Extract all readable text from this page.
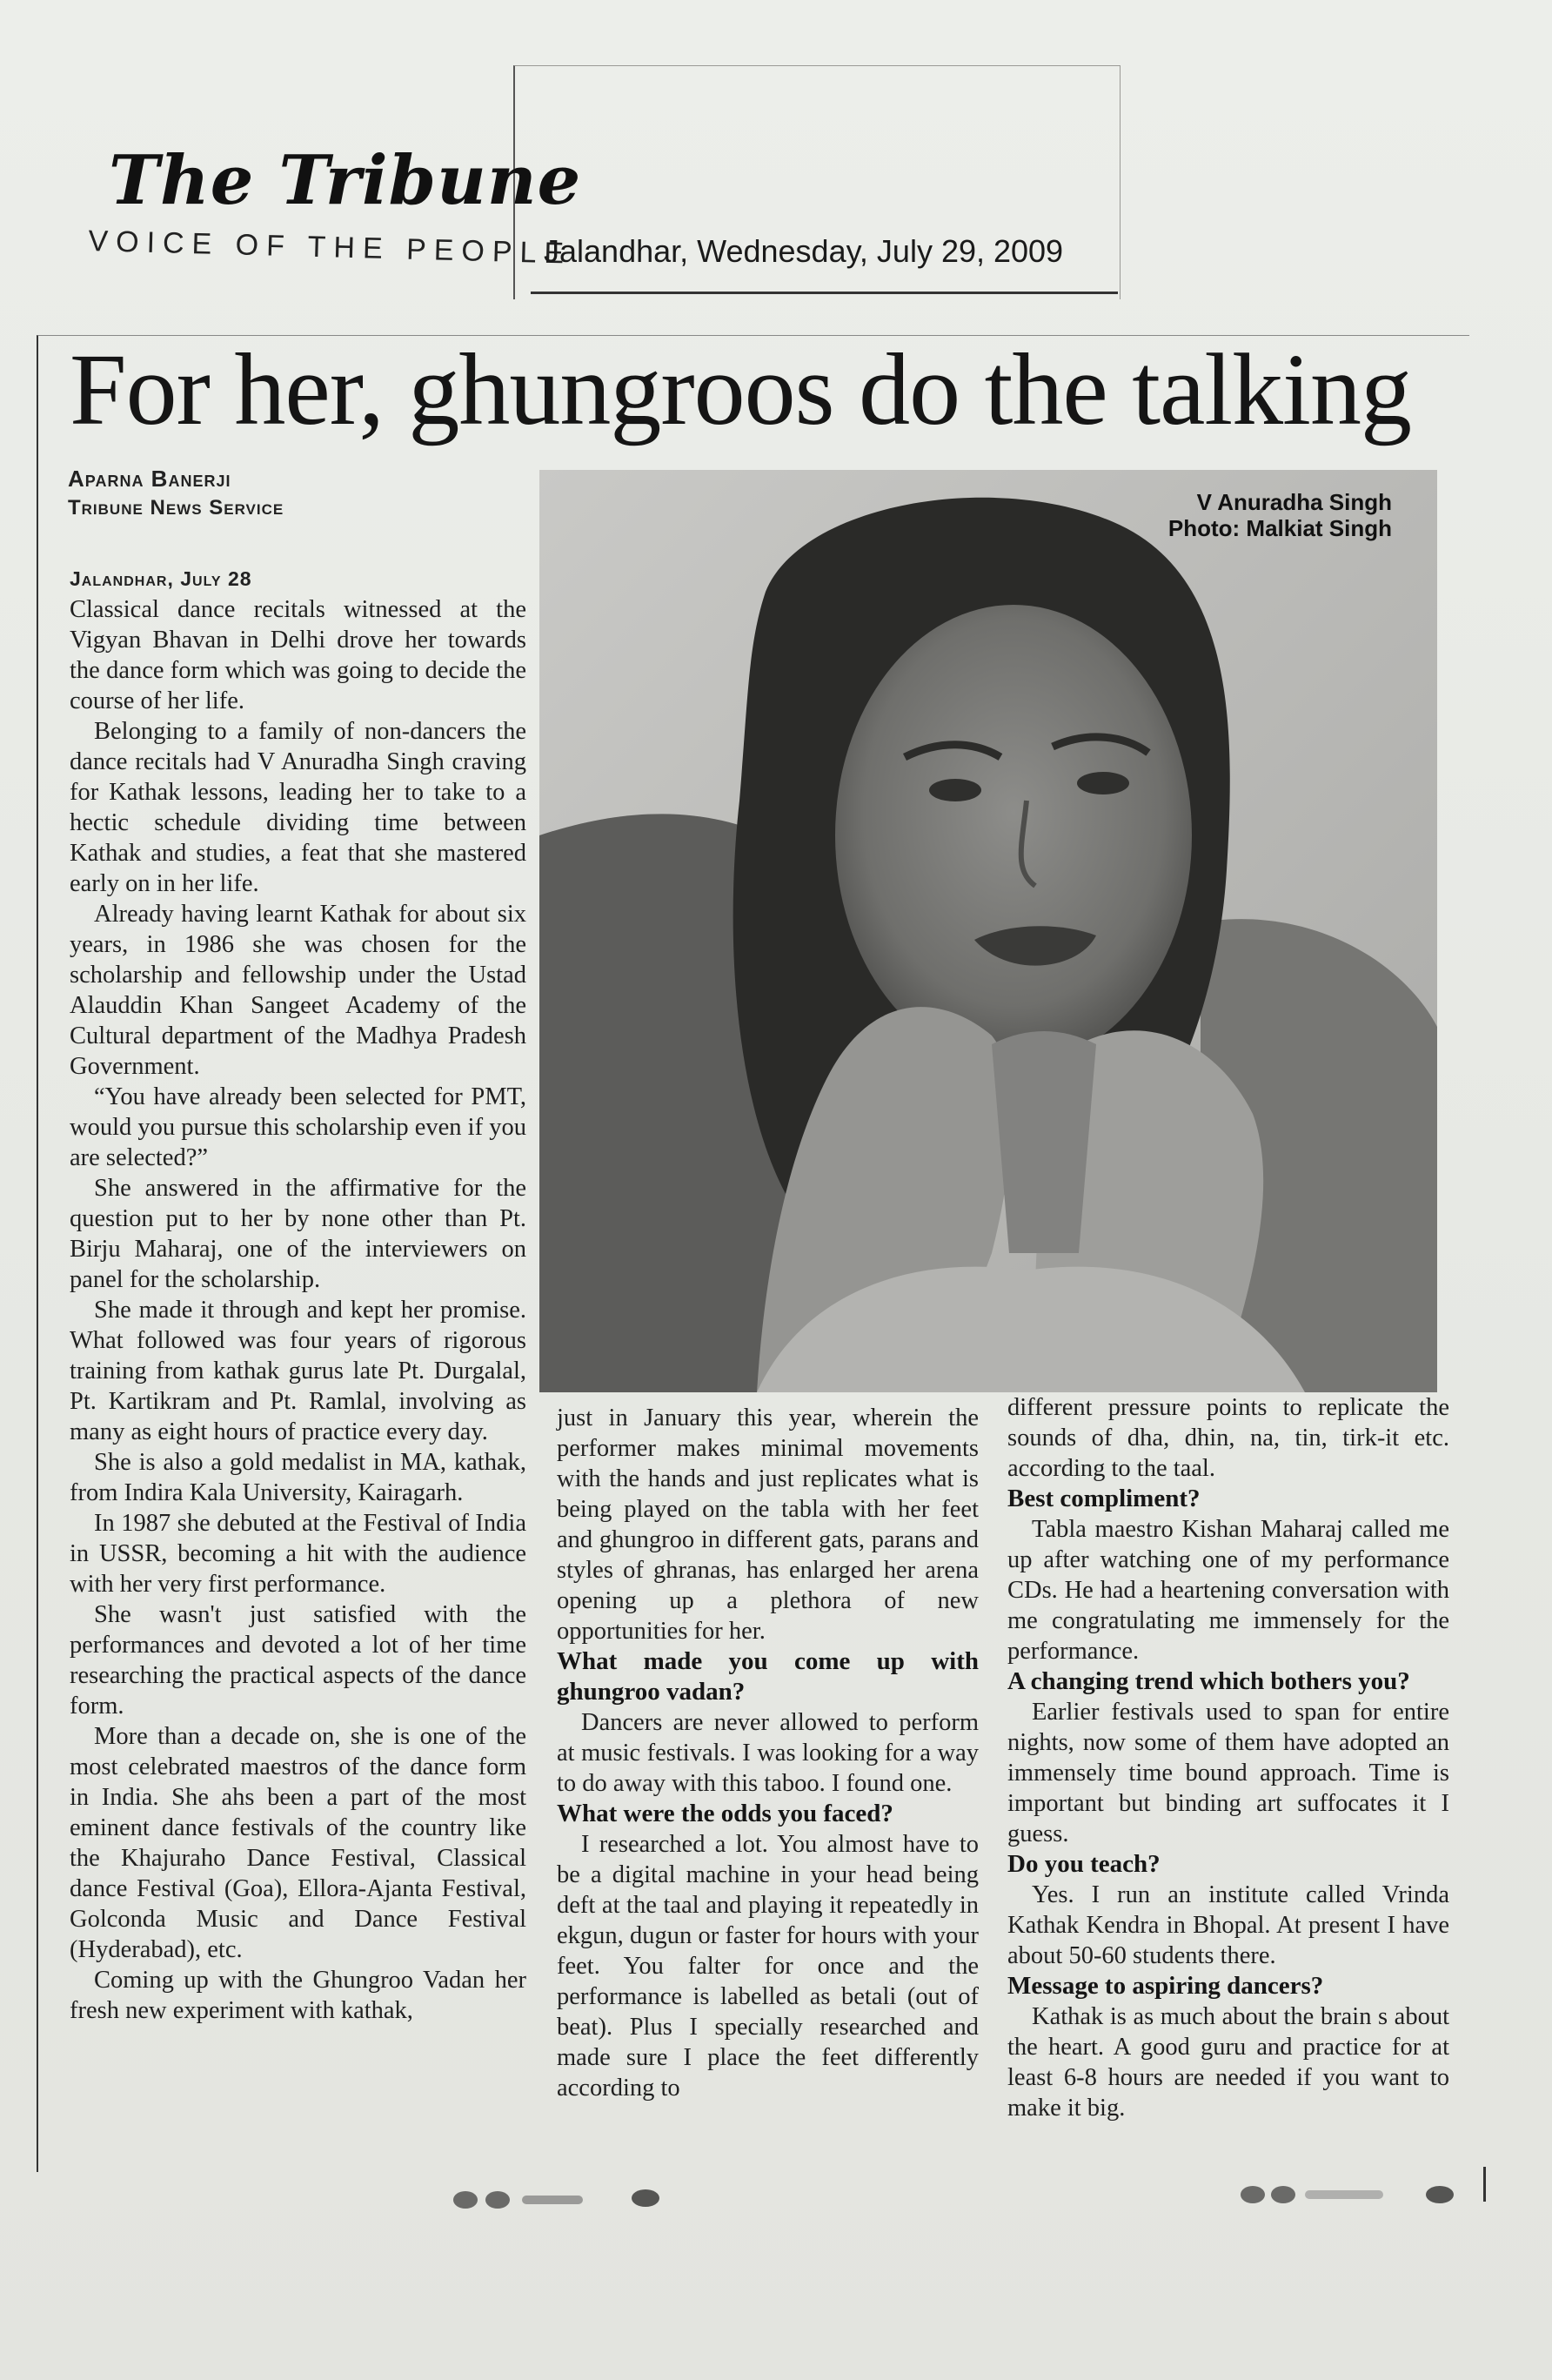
The Tribune
VOICE OF THE PEOPLE
Jalandhar, Wednesday, July 29, 2009
For her, ghungroos do the talking
Aparna Banerji
Tribune News Service
Jalandhar, July 28

Classical dance recitals witnessed at the Vigyan Bhavan in Delhi drove her towards the dance form which was going to decide the course of her life.

Belonging to a family of non-dancers the dance recitals had V Anuradha Singh craving for Kathak lessons, leading her to take to a hectic schedule dividing time between Kathak and studies, a feat that she mastered early on in her life.

Already having learnt Kathak for about six years, in 1986 she was chosen for the scholarship and fellowship under the Ustad Alauddin Khan Sangeet Academy of the Cultural department of the Madhya Pradesh Government.

“You have already been selected for PMT, would you pursue this scholarship even if you are selected?”

She answered in the affirmative for the question put to her by none other than Pt. Birju Maharaj, one of the interviewers on panel for the scholarship.

She made it through and kept her promise. What followed was four years of rigorous training from kathak gurus late Pt. Durgalal, Pt. Kartikram and Pt. Ramlal, involving as many as eight hours of practice every day.

She is also a gold medalist in MA, kathak, from Indira Kala University, Kairagarh.

In 1987 she debuted at the Festival of India in USSR, becoming a hit with the audience with her very first performance.

She wasn't just satisfied with the performances and devoted a lot of her time researching the practical aspects of the dance form.

More than a decade on, she is one of the most celebrated maestros of the dance form in India. She ahs been a part of the most eminent dance festivals of the country like the Khajuraho Dance Festival, Classical dance Festival (Goa), Ellora-Ajanta Festival, Golconda Music and Dance Festival (Hyderabad), etc.

Coming up with the Ghungroo Vadan her fresh new experiment with kathak,

V Anuradha Singh
Photo: Malkiat Singh

just in January this year, wherein the performer makes minimal movements with the hands and just replicates what is being played on the tabla with her feet and ghungroo in different gats, parans and styles of ghranas, has enlarged her arena opening up a plethora of new opportunities for her.

What made you come up with ghungroo vadan?

Dancers are never allowed to perform at music festivals. I was looking for a way to do away with this taboo. I found one.

What were the odds you faced?

I researched a lot. You almost have to be a digital machine in your head being deft at the taal and playing it repeatedly in ekgun, dugun or faster for hours with your feet. You falter for once and the performance is labelled as betali (out of beat). Plus I specially researched and made sure I place the feet differently according to

different pressure points to replicate the sounds of dha, dhin, na, tin, tirk-it etc. according to the taal.

Best compliment?

Tabla maestro Kishan Maharaj called me up after watching one of my performance CDs. He had a heartening conversation with me congratulating me immensely for the performance.

A changing trend which bothers you?

Earlier festivals used to span for entire nights, now some of them have adopted an immensely time bound approach. Time is important but binding art suffocates it I guess.

Do you teach?

Yes. I run an institute called Vrinda Kathak Kendra in Bhopal. At present I have about 50-60 students there.

Message to aspiring dancers?

Kathak is as much about the brain s about the heart. A good guru and practice for at least 6-8 hours are needed if you want to make it big.
